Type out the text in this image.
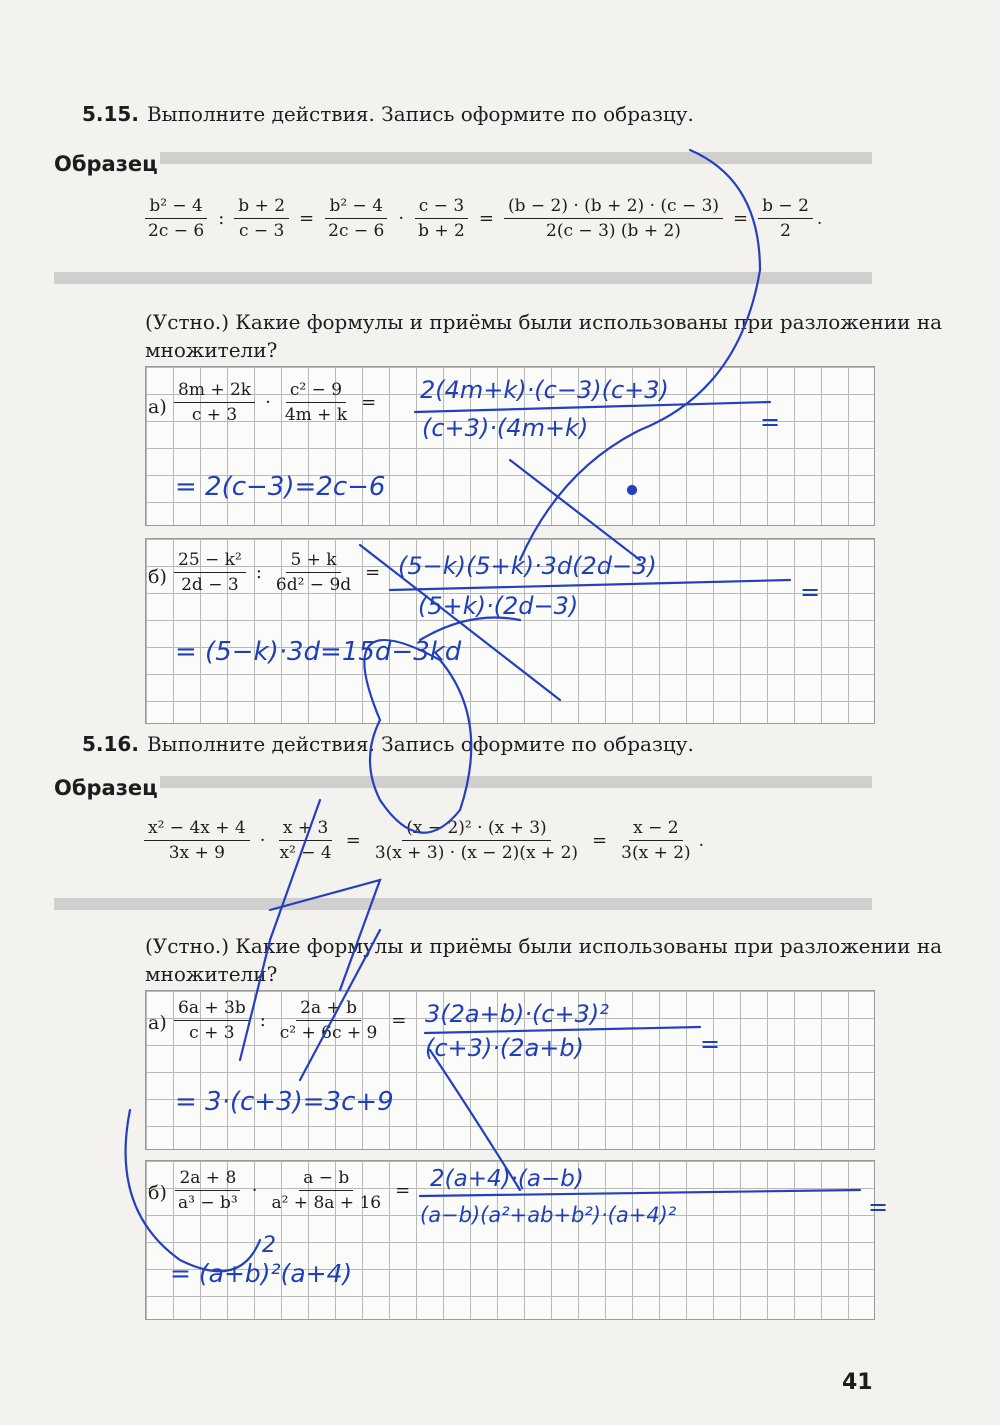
5.15. Выполните действия. Запись оформите по образцу.
Образец
$\frac{\text{b² − 4}}{2c - 6}$ : $\frac{b + 2}{c - 3} = \frac{\text{b² − 4}}{2c - 6} \cdot \frac{c - 3}{b + 2} = \frac{(b - 2) \cdot (b + 2) \cdot (c - 3)}{2(c - 3) (b + 2)} = \frac{b - 2}{2}$ .
(Устно.) Какие формулы и приёмы были использованы при разложении на множители?
$а) \frac{8m + 2k}{c + 3} \cdot \frac{\text{c² − 9}}{4m + k}$ =
$б) \frac{\text{25 − k²}}{2d - 3}$ : $\frac{5 + k}{\text{6d² − 9d}}$ =
5.16. Выполните действия. Запись оформите по образцу.
Образец
$\frac{\text{x² − 4x + 4}}{3x + 9} \cdot \frac{x + 3}{\text{x² − 4}} = \frac{\text{(x − 2)² · (x + 3)}}{3(x + 3) \cdot (x - 2)(x + 2)} = \frac{x - 2}{3(x + 2)}$ .
(Устно.) Какие формулы и приёмы были использованы при разложении на множители?
$а) \frac{6a + 3b}{c + 3}$ : $\frac{2a + b}{\text{c² + 6c + 9}}$ =
$б) \frac{2a + 8}{\text{a³ − b³}} \cdot \frac{a - b}{\text{a² + 8a + 16}}$ =
41
2(4m+k)·(c−3)(c+3)
(c+3)·(4m+k)	=
= 2(c−3)=2c−6
(5−k)(5+k)·3d(2d−3)
(5+k)·(2d−3)	=
= (5−k)·3d=15d−3kd
3(2a+b)·(c+3)²
(c+3)·(2a+b)	=
= 3·(c+3)=3c+9
2(a+4)·(a−b)
(a−b)(a²+ab+b²)·(a+4)²	=
2
= (a+b)²(a+4)
